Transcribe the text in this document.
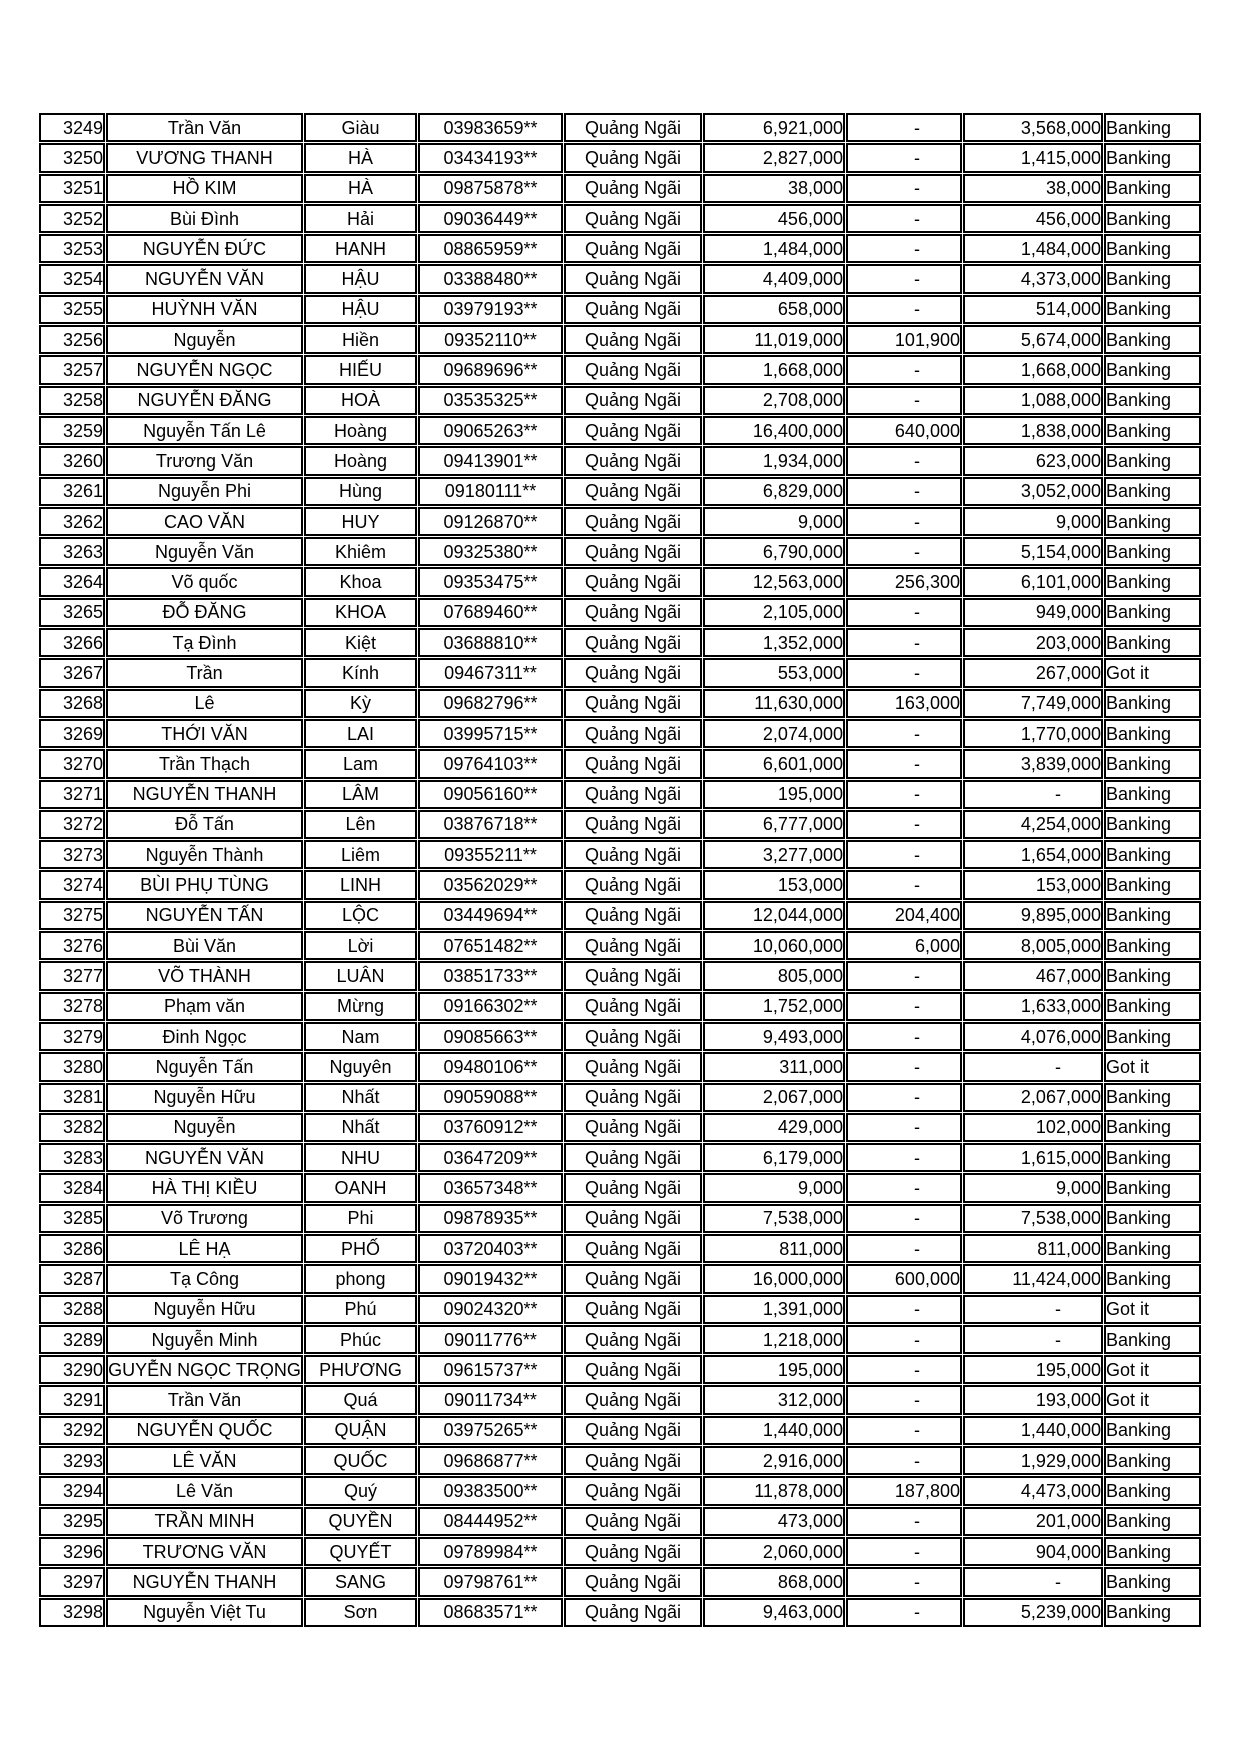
3249	Trần Văn	Giàu	03983659**	Quảng Ngãi	6,921,000	-	3,568,000	Banking
3250	VƯƠNG THANH	HÀ	03434193**	Quảng Ngãi	2,827,000	-	1,415,000	Banking
3251	HỒ KIM	HÀ	09875878**	Quảng Ngãi	38,000	-	38,000	Banking
3252	Bùi Đình	Hải	09036449**	Quảng Ngãi	456,000	-	456,000	Banking
3253	NGUYỄN ĐỨC	HANH	08865959**	Quảng Ngãi	1,484,000	-	1,484,000	Banking
3254	NGUYỄN VĂN	HẬU	03388480**	Quảng Ngãi	4,409,000	-	4,373,000	Banking
3255	HUỲNH VĂN	HẬU	03979193**	Quảng Ngãi	658,000	-	514,000	Banking
3256	Nguyễn	Hiền	09352110**	Quảng Ngãi	11,019,000	101,900	5,674,000	Banking
3257	NGUYỄN NGỌC	HIẾU	09689696**	Quảng Ngãi	1,668,000	-	1,668,000	Banking
3258	NGUYỄN ĐĂNG	HOÀ	03535325**	Quảng Ngãi	2,708,000	-	1,088,000	Banking
3259	Nguyễn Tấn Lê	Hoàng	09065263**	Quảng Ngãi	16,400,000	640,000	1,838,000	Banking
3260	Trương Văn	Hoàng	09413901**	Quảng Ngãi	1,934,000	-	623,000	Banking
3261	Nguyễn Phi	Hùng	09180111**	Quảng Ngãi	6,829,000	-	3,052,000	Banking
3262	CAO VĂN	HUY	09126870**	Quảng Ngãi	9,000	-	9,000	Banking
3263	Nguyễn Văn	Khiêm	09325380**	Quảng Ngãi	6,790,000	-	5,154,000	Banking
3264	Võ quốc	Khoa	09353475**	Quảng Ngãi	12,563,000	256,300	6,101,000	Banking
3265	ĐỖ ĐĂNG	KHOA	07689460**	Quảng Ngãi	2,105,000	-	949,000	Banking
3266	Tạ Đình	Kiệt	03688810**	Quảng Ngãi	1,352,000	-	203,000	Banking
3267	Trần	Kính	09467311**	Quảng Ngãi	553,000	-	267,000	Got it
3268	Lê	Kỳ	09682796**	Quảng Ngãi	11,630,000	163,000	7,749,000	Banking
3269	THỚI VĂN	LAI	03995715**	Quảng Ngãi	2,074,000	-	1,770,000	Banking
3270	Trần Thạch	Lam	09764103**	Quảng Ngãi	6,601,000	-	3,839,000	Banking
3271	NGUYỄN THANH	LÂM	09056160**	Quảng Ngãi	195,000	-	-	Banking
3272	Đỗ Tấn	Lên	03876718**	Quảng Ngãi	6,777,000	-	4,254,000	Banking
3273	Nguyễn Thành	Liêm	09355211**	Quảng Ngãi	3,277,000	-	1,654,000	Banking
3274	BÙI PHỤ TÙNG	LINH	03562029**	Quảng Ngãi	153,000	-	153,000	Banking
3275	NGUYỄN TẤN	LỘC	03449694**	Quảng Ngãi	12,044,000	204,400	9,895,000	Banking
3276	Bùi Văn	Lời	07651482**	Quảng Ngãi	10,060,000	6,000	8,005,000	Banking
3277	VÕ THÀNH	LUÂN	03851733**	Quảng Ngãi	805,000	-	467,000	Banking
3278	Phạm văn	Mừng	09166302**	Quảng Ngãi	1,752,000	-	1,633,000	Banking
3279	Đinh Ngọc	Nam	09085663**	Quảng Ngãi	9,493,000	-	4,076,000	Banking
3280	Nguyễn Tấn	Nguyên	09480106**	Quảng Ngãi	311,000	-	-	Got it
3281	Nguyễn Hữu	Nhất	09059088**	Quảng Ngãi	2,067,000	-	2,067,000	Banking
3282	Nguyễn	Nhất	03760912**	Quảng Ngãi	429,000	-	102,000	Banking
3283	NGUYỄN VĂN	NHU	03647209**	Quảng Ngãi	6,179,000	-	1,615,000	Banking
3284	HÀ THỊ KIỀU	OANH	03657348**	Quảng Ngãi	9,000	-	9,000	Banking
3285	Võ Trương	Phi	09878935**	Quảng Ngãi	7,538,000	-	7,538,000	Banking
3286	LÊ HẠ	PHỐ	03720403**	Quảng Ngãi	811,000	-	811,000	Banking
3287	Tạ Công	phong	09019432**	Quảng Ngãi	16,000,000	600,000	11,424,000	Banking
3288	Nguyễn Hữu	Phú	09024320**	Quảng Ngãi	1,391,000	-	-	Got it
3289	Nguyễn Minh	Phúc	09011776**	Quảng Ngãi	1,218,000	-	-	Banking
3290	GUYỄN NGỌC TRỌNG	PHƯƠNG	09615737**	Quảng Ngãi	195,000	-	195,000	Got it
3291	Trần Văn	Quá	09011734**	Quảng Ngãi	312,000	-	193,000	Got it
3292	NGUYỄN QUỐC	QUẬN	03975265**	Quảng Ngãi	1,440,000	-	1,440,000	Banking
3293	LÊ VĂN	QUỐC	09686877**	Quảng Ngãi	2,916,000	-	1,929,000	Banking
3294	Lê Văn	Quý	09383500**	Quảng Ngãi	11,878,000	187,800	4,473,000	Banking
3295	TRẦN MINH	QUYỀN	08444952**	Quảng Ngãi	473,000	-	201,000	Banking
3296	TRƯƠNG VĂN	QUYẾT	09789984**	Quảng Ngãi	2,060,000	-	904,000	Banking
3297	NGUYỄN THANH	SANG	09798761**	Quảng Ngãi	868,000	-	-	Banking
3298	Nguyễn Việt Tu	Sơn	08683571**	Quảng Ngãi	9,463,000	-	5,239,000	Banking
